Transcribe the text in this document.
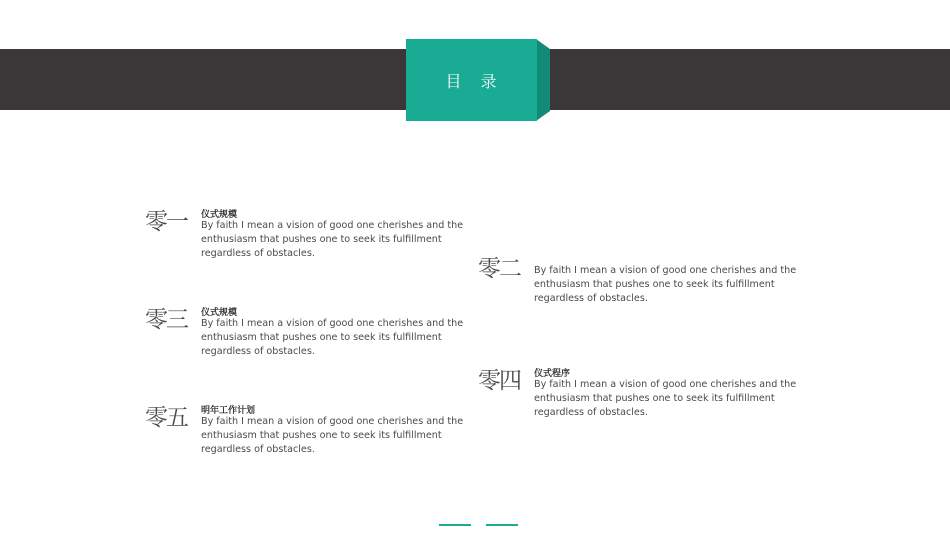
目 录
零一 仪式规模
By faith I mean a vision of good one cherishes and the enthusiasm that pushes one to seek its fulfillment regardless of obstacles.
零二 By faith I mean a vision of good one cherishes and the enthusiasm that pushes one to seek its fulfillment regardless of obstacles.
零三 仪式规模
By faith I mean a vision of good one cherishes and the enthusiasm that pushes one to seek its fulfillment regardless of obstacles.
零四 仪式程序
By faith I mean a vision of good one cherishes and the enthusiasm that pushes one to seek its fulfillment regardless of obstacles.
零五 明年工作计划
By faith I mean a vision of good one cherishes and the enthusiasm that pushes one to seek its fulfillment regardless of obstacles.
